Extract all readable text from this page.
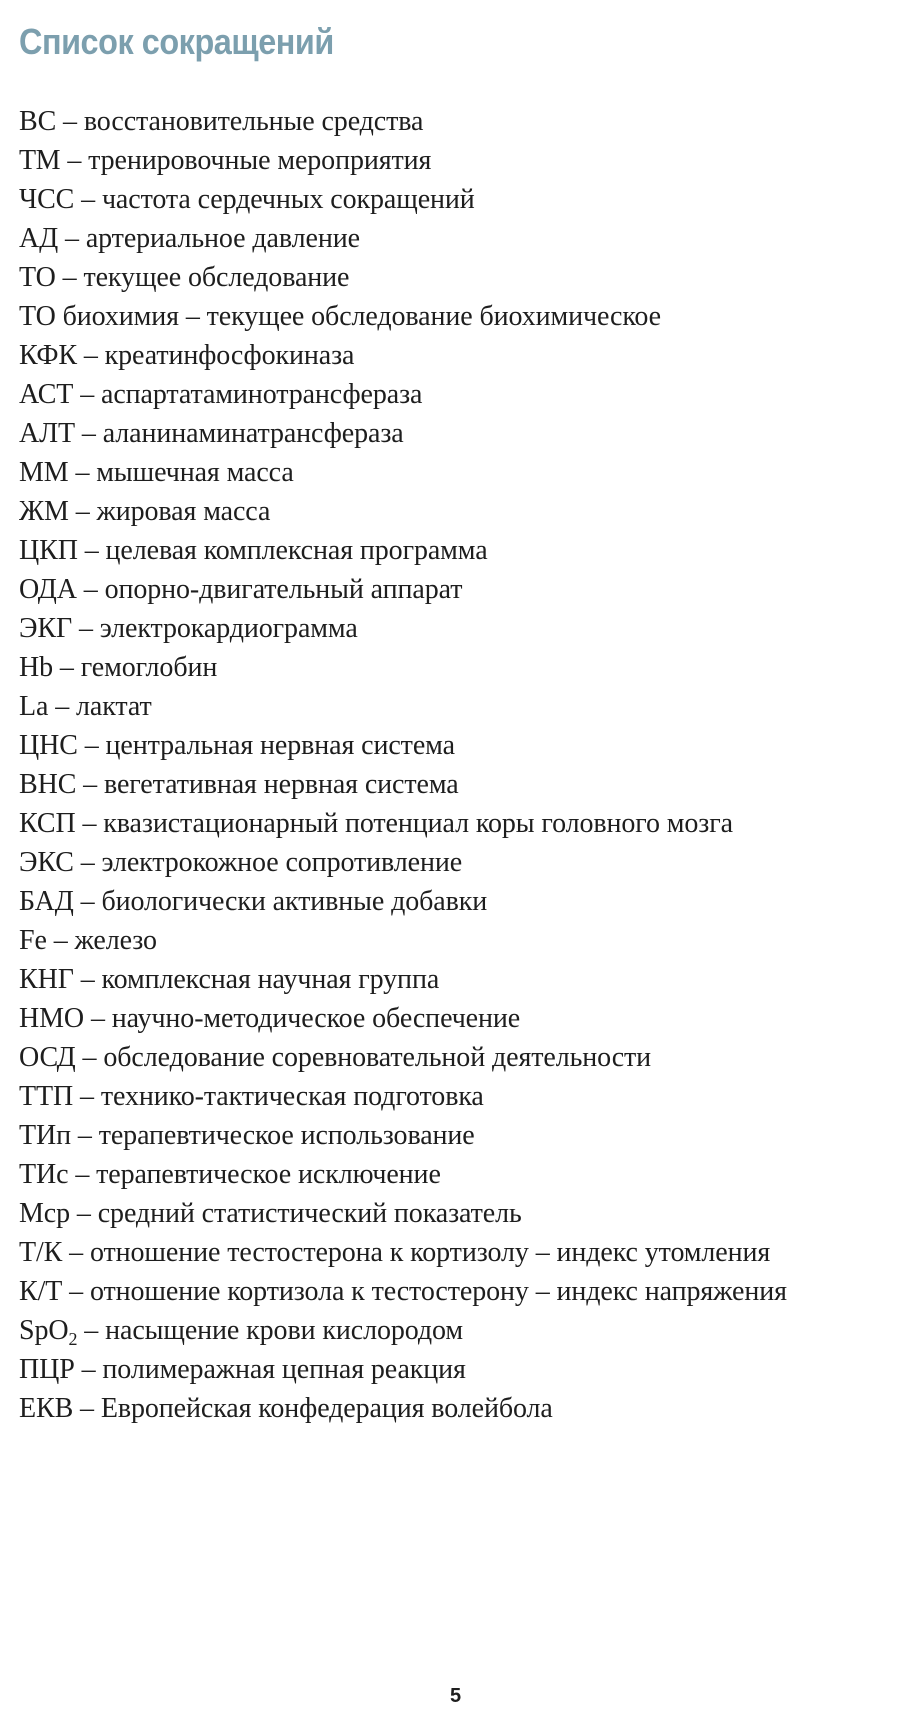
Список сокращений
ВС – восстановительные средства
ТМ – тренировочные мероприятия
ЧСС – частота сердечных сокращений
АД – артериальное давление
ТО – текущее обследование
ТО биохимия – текущее обследование биохимическое
КФК – креатинфосфокиназа
АСТ – аспартатаминотрансфераза
АЛТ – аланинаминатрансфераза
ММ – мышечная масса
ЖМ – жировая масса
ЦКП – целевая комплексная программа
ОДА – опорно-двигательный аппарат
ЭКГ – электрокардиограмма
Hb – гемоглобин
La – лактат
ЦНС – центральная нервная система
ВНС – вегетативная нервная система
КСП – квазистационарный потенциал коры головного мозга
ЭКС – электрокожное сопротивление
БАД – биологически активные добавки
Fe – железо
КНГ – комплексная научная группа
НМО – научно-методическое обеспечение
ОСД – обследование соревновательной деятельности
ТТП – технико-тактическая подготовка
ТИп – терапевтическое использование
ТИс – терапевтическое исключение
Мср – средний статистический показатель
Т/К – отношение тестостерона к кортизолу – индекс утомления
К/Т – отношение кортизола к тестостерону – индекс напряжения
SpO$_2$ – насыщение крови кислородом
ПЦР – полимеражная цепная реакция
ЕКВ – Европейская конфедерация волейбола
5
